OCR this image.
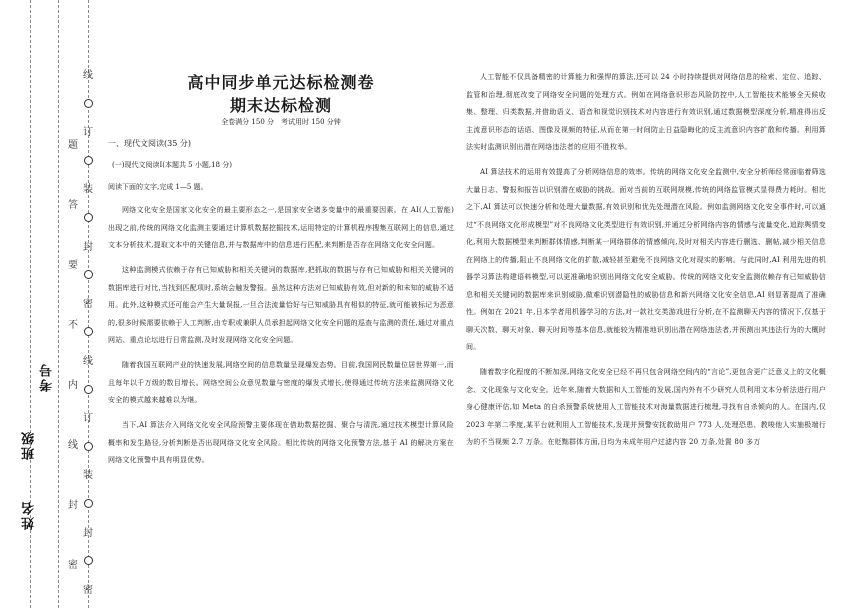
线
订
装
封
密
线
订
装
封
密
题
答
要
不
内
线
封
密
考号
班级
姓名
高中同步单元达标检测卷
期末达标检测
全卷满分 150 分　考试用时 150 分钟
一、现代文阅读(35 分)
(一)现代文阅读Ⅰ(本题共 5 小题,18 分)
阅读下面的文字,完成 1—5 题。

网络文化安全是国家文化安全的最主要形态之一,是国家安全诸多变量中的最重要因素。在 AI(人工智能)出现之前,传统的网络文化监测主要通过计算机数据挖掘技术,运用特定的计算机程序搜集互联网上的信息,通过文本分析技术,提取文本中的关键信息,并与数据库中的信息进行匹配,来判断是否存在网络文化安全问题。

这种监测模式依赖于存有已知威胁和相关关键词的数据库,把抓取的数据与存有已知威胁和相关关键词的数据库进行对比,当找到匹配项时,系统会触发警报。虽然这种方法对已知威胁有效,但对新的和未知的威胁不适用。此外,这种模式还可能会产生大量误报,一旦合法流量恰好与已知威胁具有相似的特征,就可能被标记为恶意的,很多时候需要依赖于人工判断,由专职或兼职人员承担起网络文化安全问题的巡查与监测的责任,通过对重点网站、重点论坛进行日常监测,及时发现网络文化安全问题。

随着我国互联网产业的快速发展,网络空间的信息数量呈现爆发态势。目前,我国网民数量位居世界第一,而且每年以千万级的数目增长。网络空间公众意见数量与密度的爆发式增长,使得通过传统方法来监测网络文化安全的模式越来越难以为继。

当下,AI 算法介入网络文化安全风险预警主要体现在借助数据挖掘、聚合与清洗,通过技术模型计算风险概率和发生路径,分析判断是否出现网络文化安全风险。相比传统的网络文化预警方法,基于 AI 的解决方案在网络文化预警中具有明显优势。

人工智能不仅具备精密的计算能力和强悍的算法,还可以 24 小时持续提供对网络信息的检索、定位、追踪、监管和治理,彻底改变了网络安全问题的处理方式。例如在网络意识形态风险防控中,人工智能技术能够全天候收集、整理、归类数据,并借助语义、语音和视觉识别技术对内容进行有效识别,通过数据模型深度分析,精准得出反主流意识形态的话语、图像及视频的特征,从而在第一时间防止日益隐晦化的反主流意识内容扩散和传播。利用算法实时监测识别出潜在网络违法者的应用不胜枚举。

AI 算法技术的运用有效提高了分析网络信息的效率。传统的网络文化安全监测中,安全分析师经常面临着筛选大量日志、警报和报告以识别潜在威胁的挑战。面对当前的互联网规模,传统的网络监管模式显得费力耗时。相比之下,AI 算法可以快速分析和处理大量数据,有效识别和优先处理潜在风险。例如监测网络文化安全事件时,可以通过“不良网络文化形成模型”对不良网络文化类型进行有效识别,并通过分析网络内容的情感与流量变化,追踪舆情变化,利用大数据模型来判断群体情感,判断某一网络群体的情感倾向,及时对相关内容进行删选、删帖,减少相关信息在网络上的传播,阻止不良网络文化的扩散,减轻甚至避免不良网络文化对现实的影响。与此同时,AI 利用先进的机器学习算法构建语料模型,可以更准确地识别出网络文化安全威胁。传统的网络文化安全监测依赖存有已知威胁信息和相关关键词的数据库来识别威胁,做难识别潜隐性的威胁信息和新兴网络文化安全信息,AI 则显著提高了准确性。例如在 2021 年,日本学者用机器学习的方法,对一款社交类游戏进行分析,在不监测聊天内容的情况下,仅基于聊天次数、聊天对象、聊天时间等基本信息,就能较为精准地识别出潜在网络违法者,并预测出其违法行为的大概时间。

随着数字化程度的不断加深,网络文化安全已经不再只包含网络空间内的“言论”,更包含更广泛意义上的文化概念、文化现象与文化安全。近年来,随着大数据和人工智能的发展,国内外有不少研究人员利用文本分析法进行用户身心健康评估,如 Meta 的自杀预警系统使用人工智能技术对海量数据进行梳理,寻找有自杀倾向的人。在国内,仅 2023 年第二季度,某平台就利用人工智能技术,发现并预警安抚救助用户 773 人,处理恐患、教唆他人实施极端行为的不当视频 2.7 万条。在贬黜群体方面,日均为未成年用户过滤内容 20 万条,处置 80 多万
